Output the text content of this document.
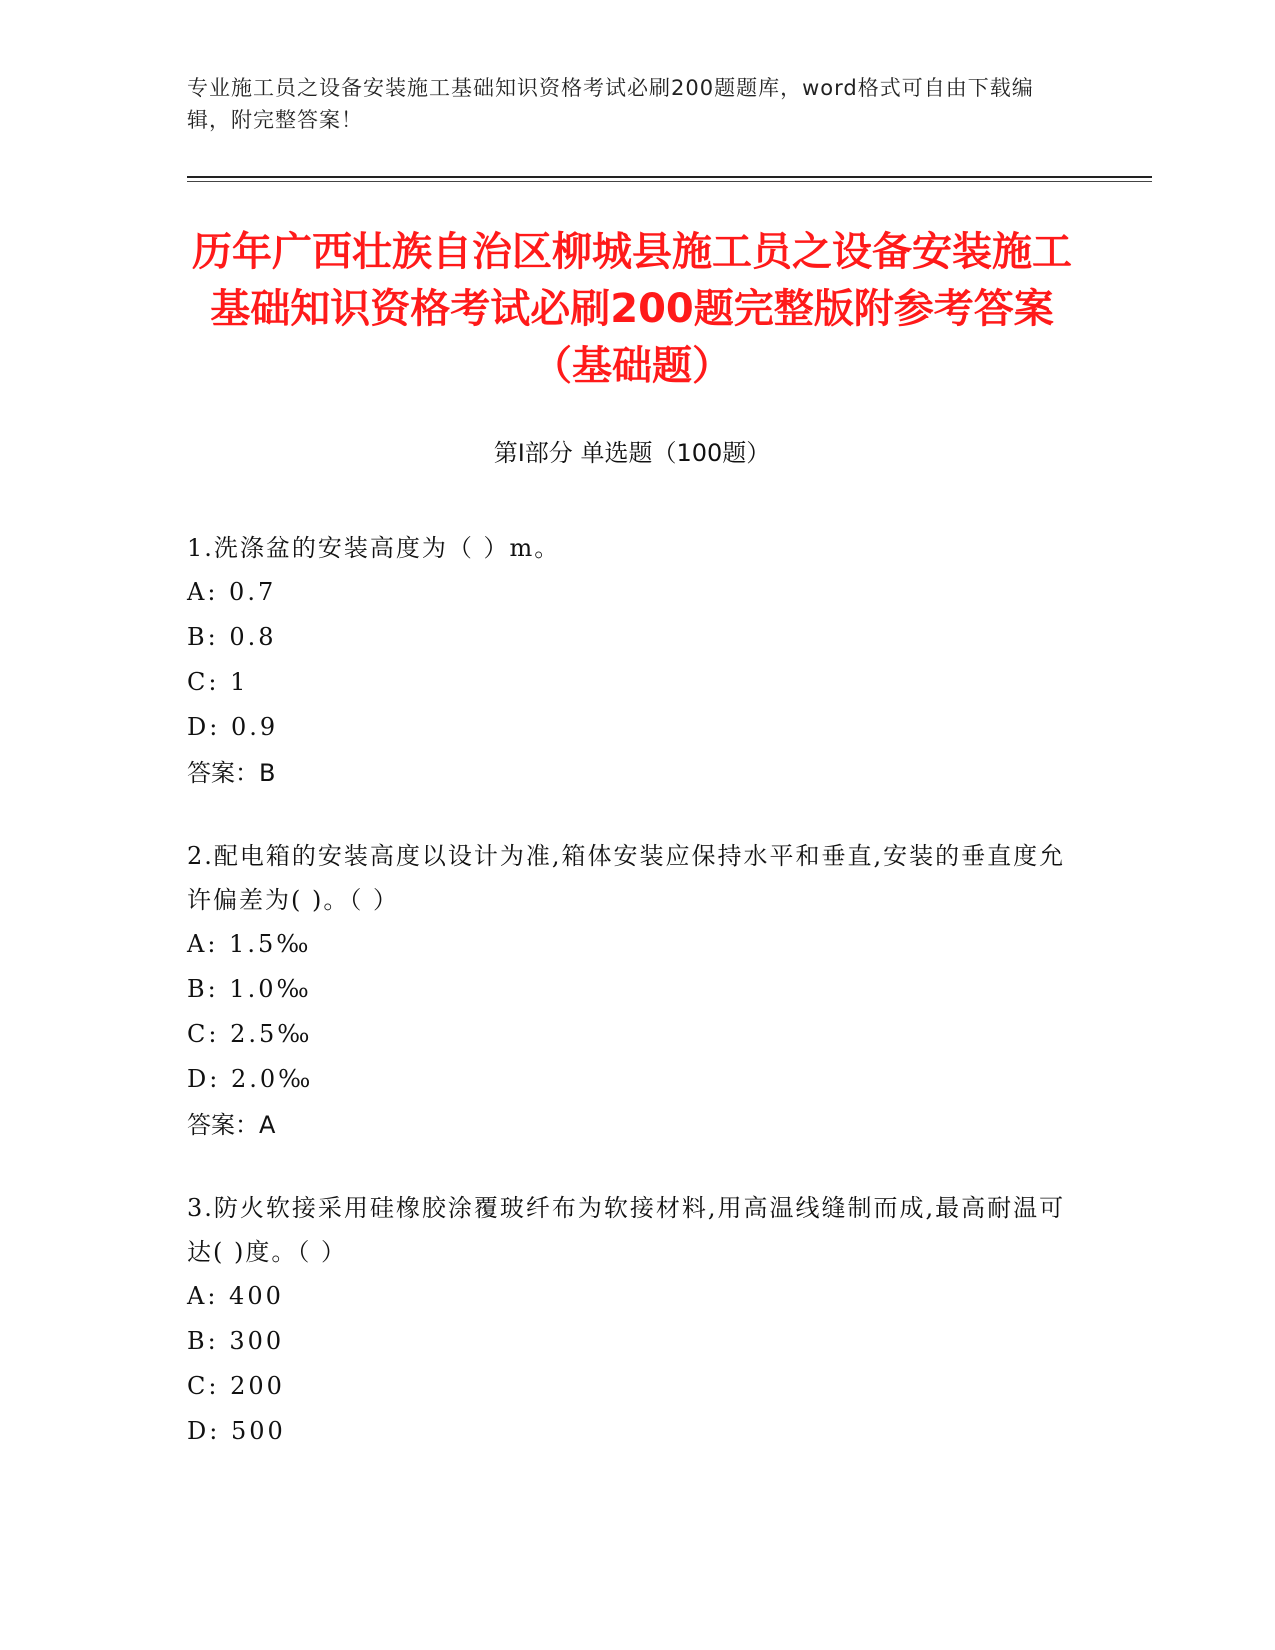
专业施工员之设备安装施工基础知识资格考试必刷200题题库，word格式可自由下载编辑，附完整答案！
历年广西壮族自治区柳城县施工员之设备安装施工基础知识资格考试必刷200题完整版附参考答案（基础题）
第Ⅰ部分 单选题（100题）

1.洗涤盆的安装高度为（ ）m。

A: 0.7

B: 0.8

C: 1

D: 0.9

答案：B

2.配电箱的安装高度以设计为准,箱体安装应保持水平和垂直,安装的垂直度允许偏差为( )。（ ）

A: 1.5‰

B: 1.0‰

C: 2.5‰

D: 2.0‰

答案：A

3.防火软接采用硅橡胶涂覆玻纤布为软接材料,用高温线缝制而成,最高耐温可达( )度。（ ）

A: 400

B: 300

C: 200

D: 500
